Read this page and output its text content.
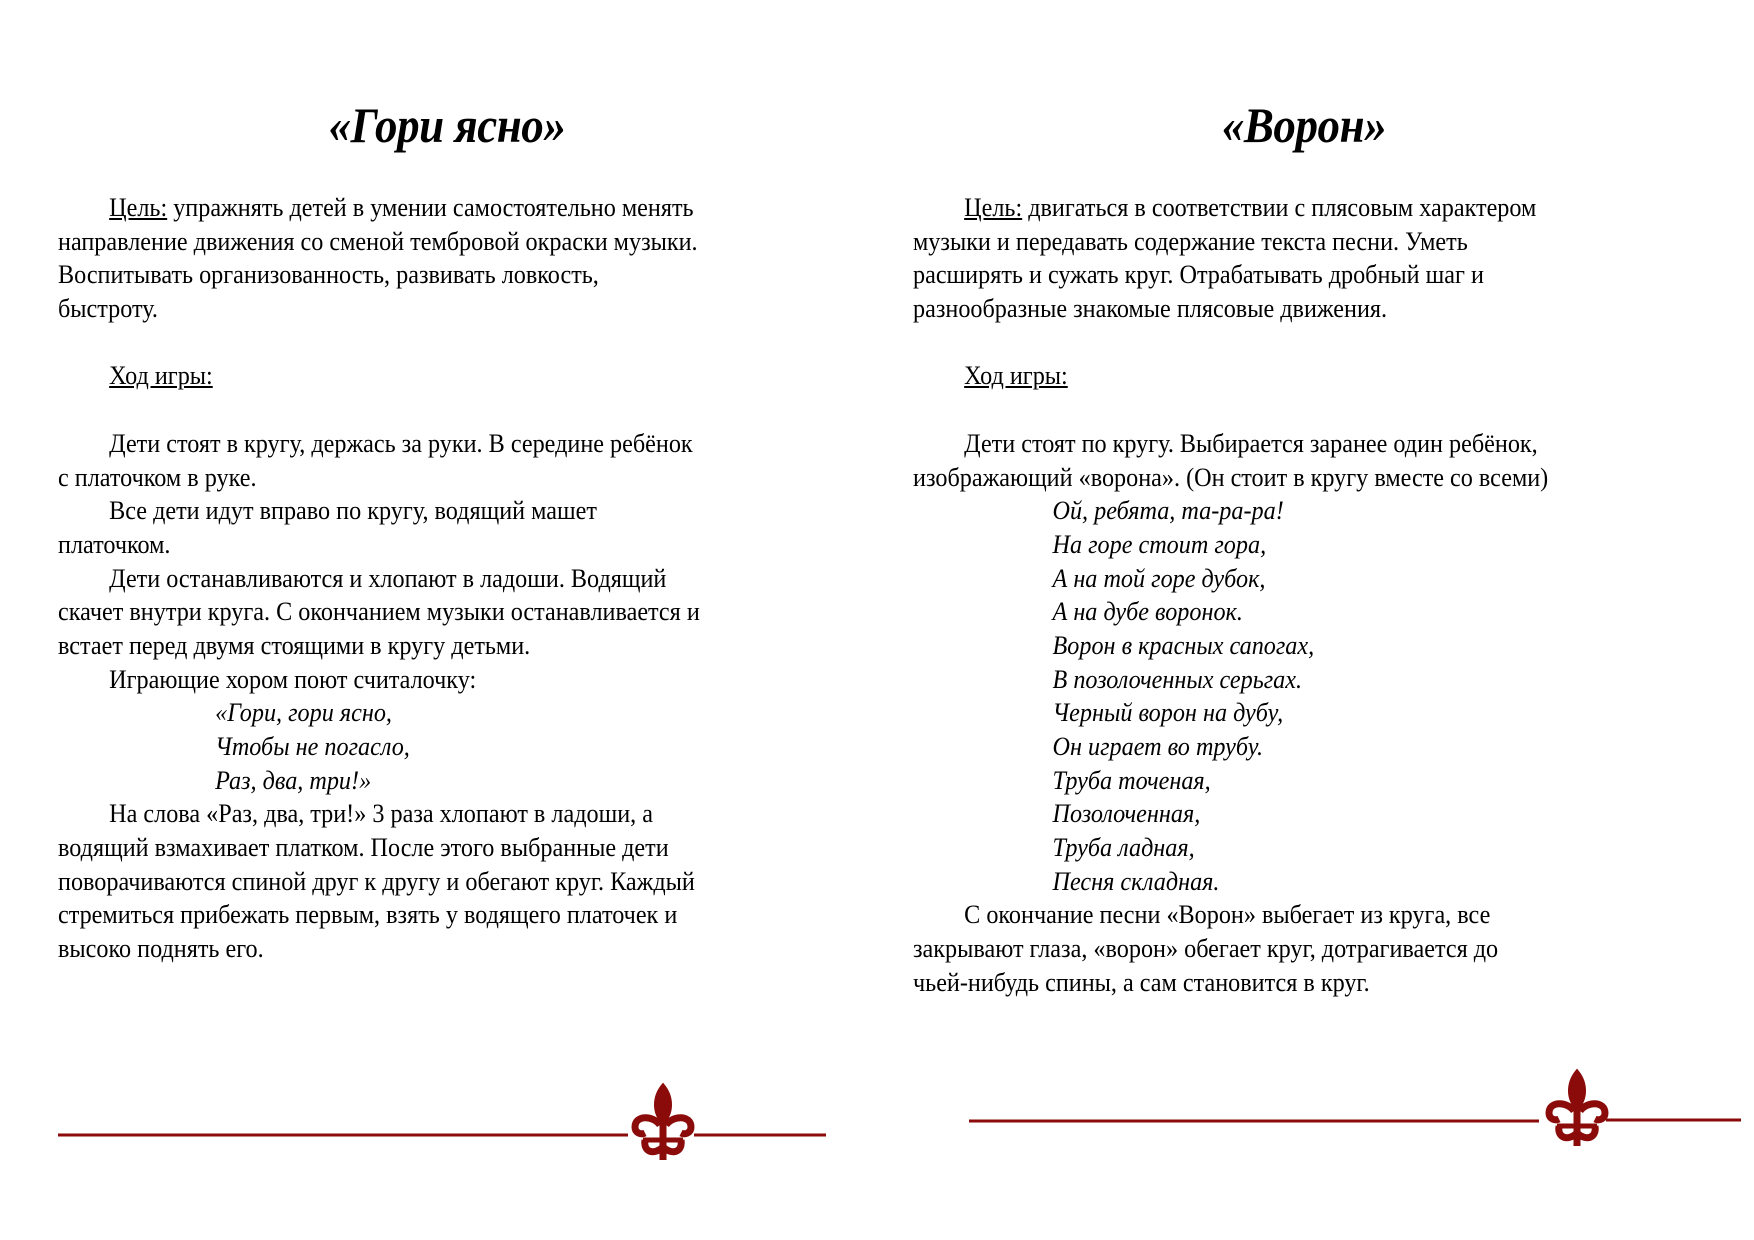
«Гори ясно»	«Ворон»
Цель: упражнять детей в умении самостоятельно менять
направление движения со сменой тембровой окраски музыки.
Воспитывать организованность, развивать ловкость,
быстроту.
Ход игры:
Дети стоят в кругу, держась за руки. В середине ребёнок
с платочком в руке.
Все дети идут вправо по кругу, водящий машет
платочком.
Дети останавливаются и хлопают в ладоши. Водящий
скачет внутри круга. С окончанием музыки останавливается и
встает перед двумя стоящими в кругу детьми.
Играющие хором поют считалочку:
«Гори, гори ясно,
Чтобы не погасло,
Раз, два, три!»
На слова «Раз, два, три!» 3 раза хлопают в ладоши, а
водящий взмахивает платком. После этого выбранные дети
поворачиваются спиной друг к другу и обегают круг. Каждый
стремиться прибежать первым, взять у водящего платочек и
высоко поднять его.
Цель: двигаться в соответствии с плясовым характером
музыки и передавать содержание текста песни. Уметь
расширять и сужать круг. Отрабатывать дробный шаг и
разнообразные знакомые плясовые движения.
Ход игры:
Дети стоят по кругу. Выбирается заранее один ребёнок,
изображающий «ворона». (Он стоит в кругу вместе со всеми)
Ой, ребята, та-ра-ра!
На горе стоит гора,
А на той горе дубок,
А на дубе воронок.
Ворон в красных сапогах,
В позолоченных серьгах.
Черный ворон на дубу,
Он играет во трубу.
Труба точеная,
Позолоченная,
Труба ладная,
Песня складная.
С окончание песни «Ворон» выбегает из круга, все
закрывают глаза, «ворон» обегает круг, дотрагивается до
чьей-нибудь спины, а сам становится в круг.
